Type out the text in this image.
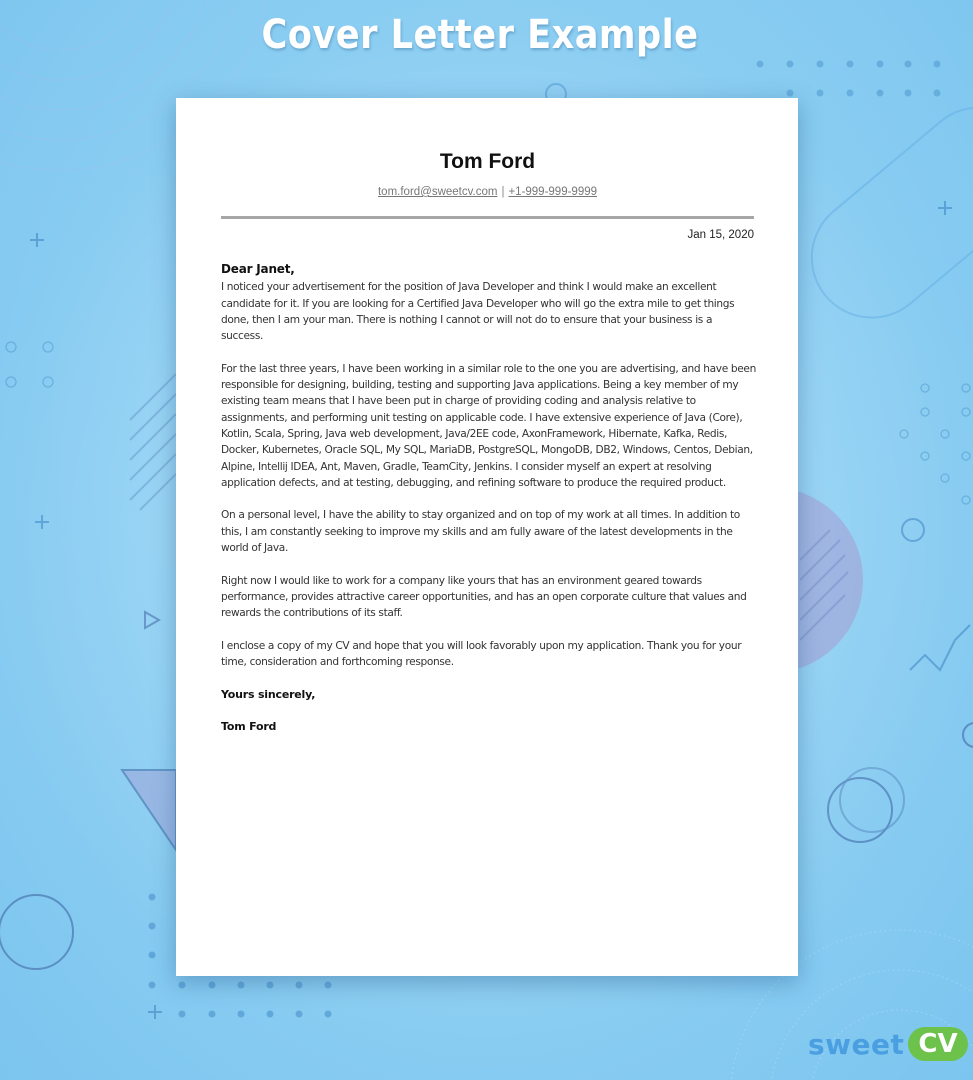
Cover Letter Example
Tom Ford
tom.ford@sweetcv.com | +1-999-999-9999
Jan 15, 2020
Dear Janet,

I noticed your advertisement for the position of Java Developer and think I would make an excellent candidate for it. If you are looking for a Certified Java Developer who will go the extra mile to get things done, then I am your man. There is nothing I cannot or will not do to ensure that your business is a success.

For the last three years, I have been working in a similar role to the one you are advertising, and have been responsible for designing, building, testing and supporting Java applications. Being a key member of my existing team means that I have been put in charge of providing coding and analysis relative to assignments, and performing unit testing on applicable code. I have extensive experience of Java (Core), Kotlin, Scala, Spring, Java web development, Java/2EE code, AxonFramework, Hibernate, Kafka, Redis, Docker, Kubernetes, Oracle SQL, My SQL, MariaDB, PostgreSQL, MongoDB, DB2, Windows, Centos, Debian, Alpine, Intellij IDEA, Ant, Maven, Gradle, TeamCity, Jenkins. I consider myself an expert at resolving application defects, and at testing, debugging, and refining software to produce the required product.

On a personal level, I have the ability to stay organized and on top of my work at all times. In addition to this, I am constantly seeking to improve my skills and am fully aware of the latest developments in the world of Java.

Right now I would like to work for a company like yours that has an environment geared towards performance, provides attractive career opportunities, and has an open corporate culture that values and rewards the contributions of its staff.

I enclose a copy of my CV and hope that you will look favorably upon my application. Thank you for your time, consideration and forthcoming response.

Yours sincerely,
Tom Ford
sweet CV
